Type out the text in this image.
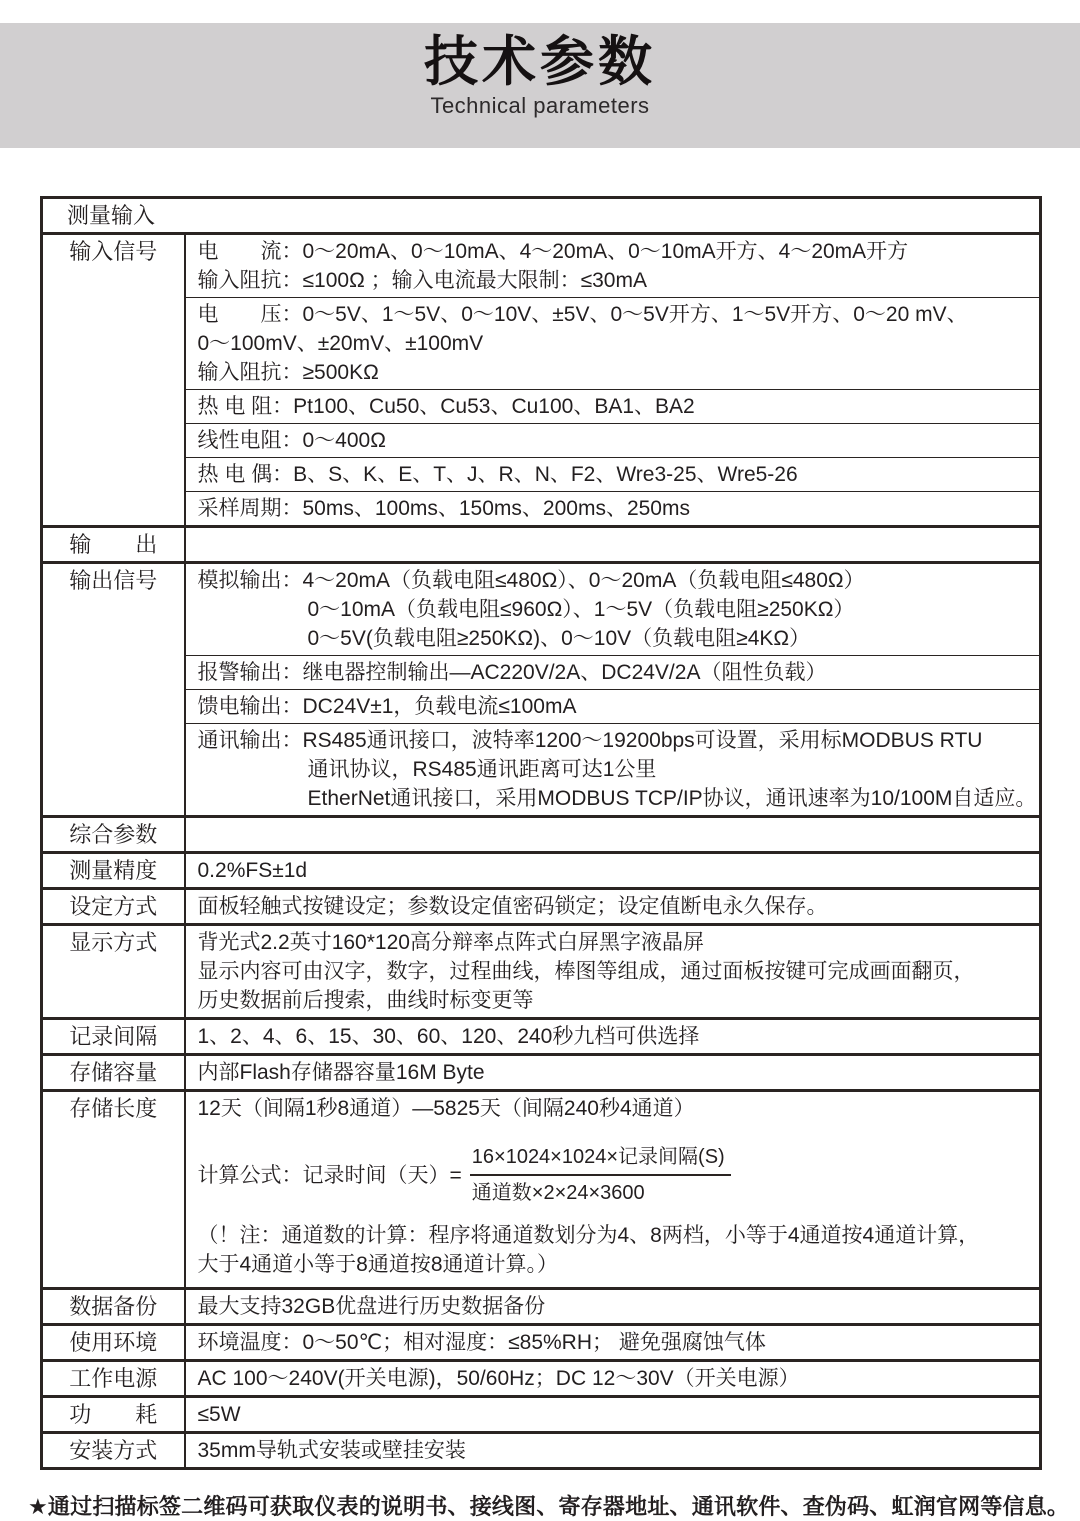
技术参数
Technical parameters
测量输入	
输入信号	电　　流：0～20mA、0～10mA、4～20mA、0～10mA开方、4～20mA开方
输入阻抗：≤100Ω ；输入电流最大限制：≤30mA

	电　　压：0～5V、1～5V、0～10V、±5V、0～5V开方、1～5V开方、0～20 mV、
0～100mV、±20mV、±100mV
输入阻抗：≥500KΩ

	热 电 阻：Pt100、Cu50、Cu53、Cu100、BA1、BA2

	线性电阻：0～400Ω

	热 电 偶：B、S、K、E、T、J、R、N、F2、Wre3-25、Wre5-26

	采样周期：50ms、100ms、150ms、200ms、250ms

输　　出	
输出信号	模拟输出：4～20mA（负载电阻≤480Ω）、0～20mA（负载电阻≤480Ω）
0～10mA（负载电阻≤960Ω）、1～5V（负载电阻≥250KΩ）
0～5V(负载电阻≥250KΩ)、0～10V（负载电阻≥4KΩ）

	报警输出：继电器控制输出—AC220V/2A、DC24V/2A（阻性负载）

	馈电输出：DC24V±1，负载电流≤100mA

	通讯输出：RS485通讯接口，波特率1200～19200bps可设置，采用标MODBUS RTU
通讯协议，RS485通讯距离可达1公里
EtherNet通讯接口，采用MODBUS TCP/IP协议，通讯速率为10/100M自适应。

综合参数	
测量精度	0.2%FS±1d
设定方式	面板轻触式按键设定；参数设定值密码锁定；设定值断电永久保存。
显示方式	背光式2.2英寸160*120高分辩率点阵式白屏黑字液晶屏
显示内容可由汉字，数字，过程曲线，棒图等组成，通过面板按键可完成画面翻页，
历史数据前后搜索，曲线时标变更等

记录间隔	1、2、4、6、15、30、60、120、240秒九档可供选择
存储容量	内部Flash存储器容量16M Byte
存储长度	12天（间隔1秒8通道）—5825天（间隔240秒4通道）
计算公式：记录时间（天）= $\frac{\text{16×1024×1024×记录间隔(S)}}{\text{通道数×2×24×3600}}$
（！注：通道数的计算：程序将通道数划分为4、8两档，小等于4通道按4通道计算，
大于4通道小等于8通道按8通道计算。）

数据备份	最大支持32GB优盘进行历史数据备份
使用环境	环境温度：0～50℃；相对湿度：≤85%RH； 避免强腐蚀气体
工作电源	AC 100～240V(开关电源)，50/60Hz；DC 12～30V（开关电源）
功　　耗	≤5W
安装方式	35mm导轨式安装或壁挂安装
★通过扫描标签二维码可获取仪表的说明书、接线图、寄存器地址、通讯软件、查伪码、虹润官网等信息。
